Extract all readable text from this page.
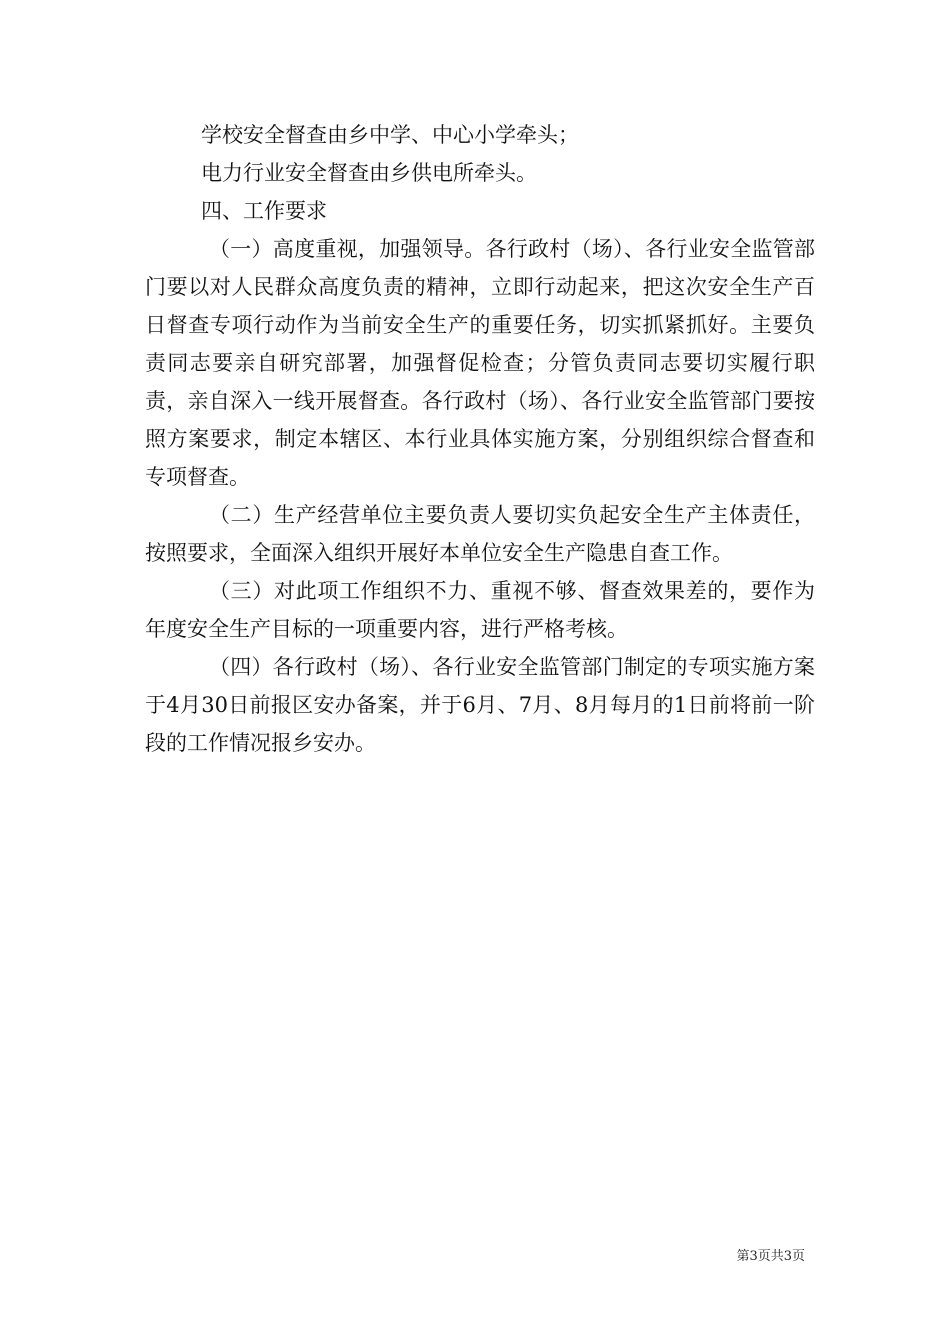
学校安全督查由乡中学、中心小学牵头；

电力行业安全督查由乡供电所牵头。

四、工作要求

（一）高度重视，加强领导。各行政村（场）、各行业安全监管部门要以对人民群众高度负责的精神，立即行动起来，把这次安全生产百日督查专项行动作为当前安全生产的重要任务，切实抓紧抓好。主要负责同志要亲自研究部署，加强督促检查；分管负责同志要切实履行职责，亲自深入一线开展督查。各行政村（场）、各行业安全监管部门要按照方案要求，制定本辖区、本行业具体实施方案，分别组织综合督查和专项督查。

（二）生产经营单位主要负责人要切实负起安全生产主体责任，按照要求，全面深入组织开展好本单位安全生产隐患自查工作。

（三）对此项工作组织不力、重视不够、督查效果差的，要作为年度安全生产目标的一项重要内容，进行严格考核。

（四）各行政村（场）、各行业安全监管部门制定的专项实施方案于4月30日前报区安办备案，并于6月、7月、8月每月的1日前将前一阶段的工作情况报乡安办。

第3页共3页
